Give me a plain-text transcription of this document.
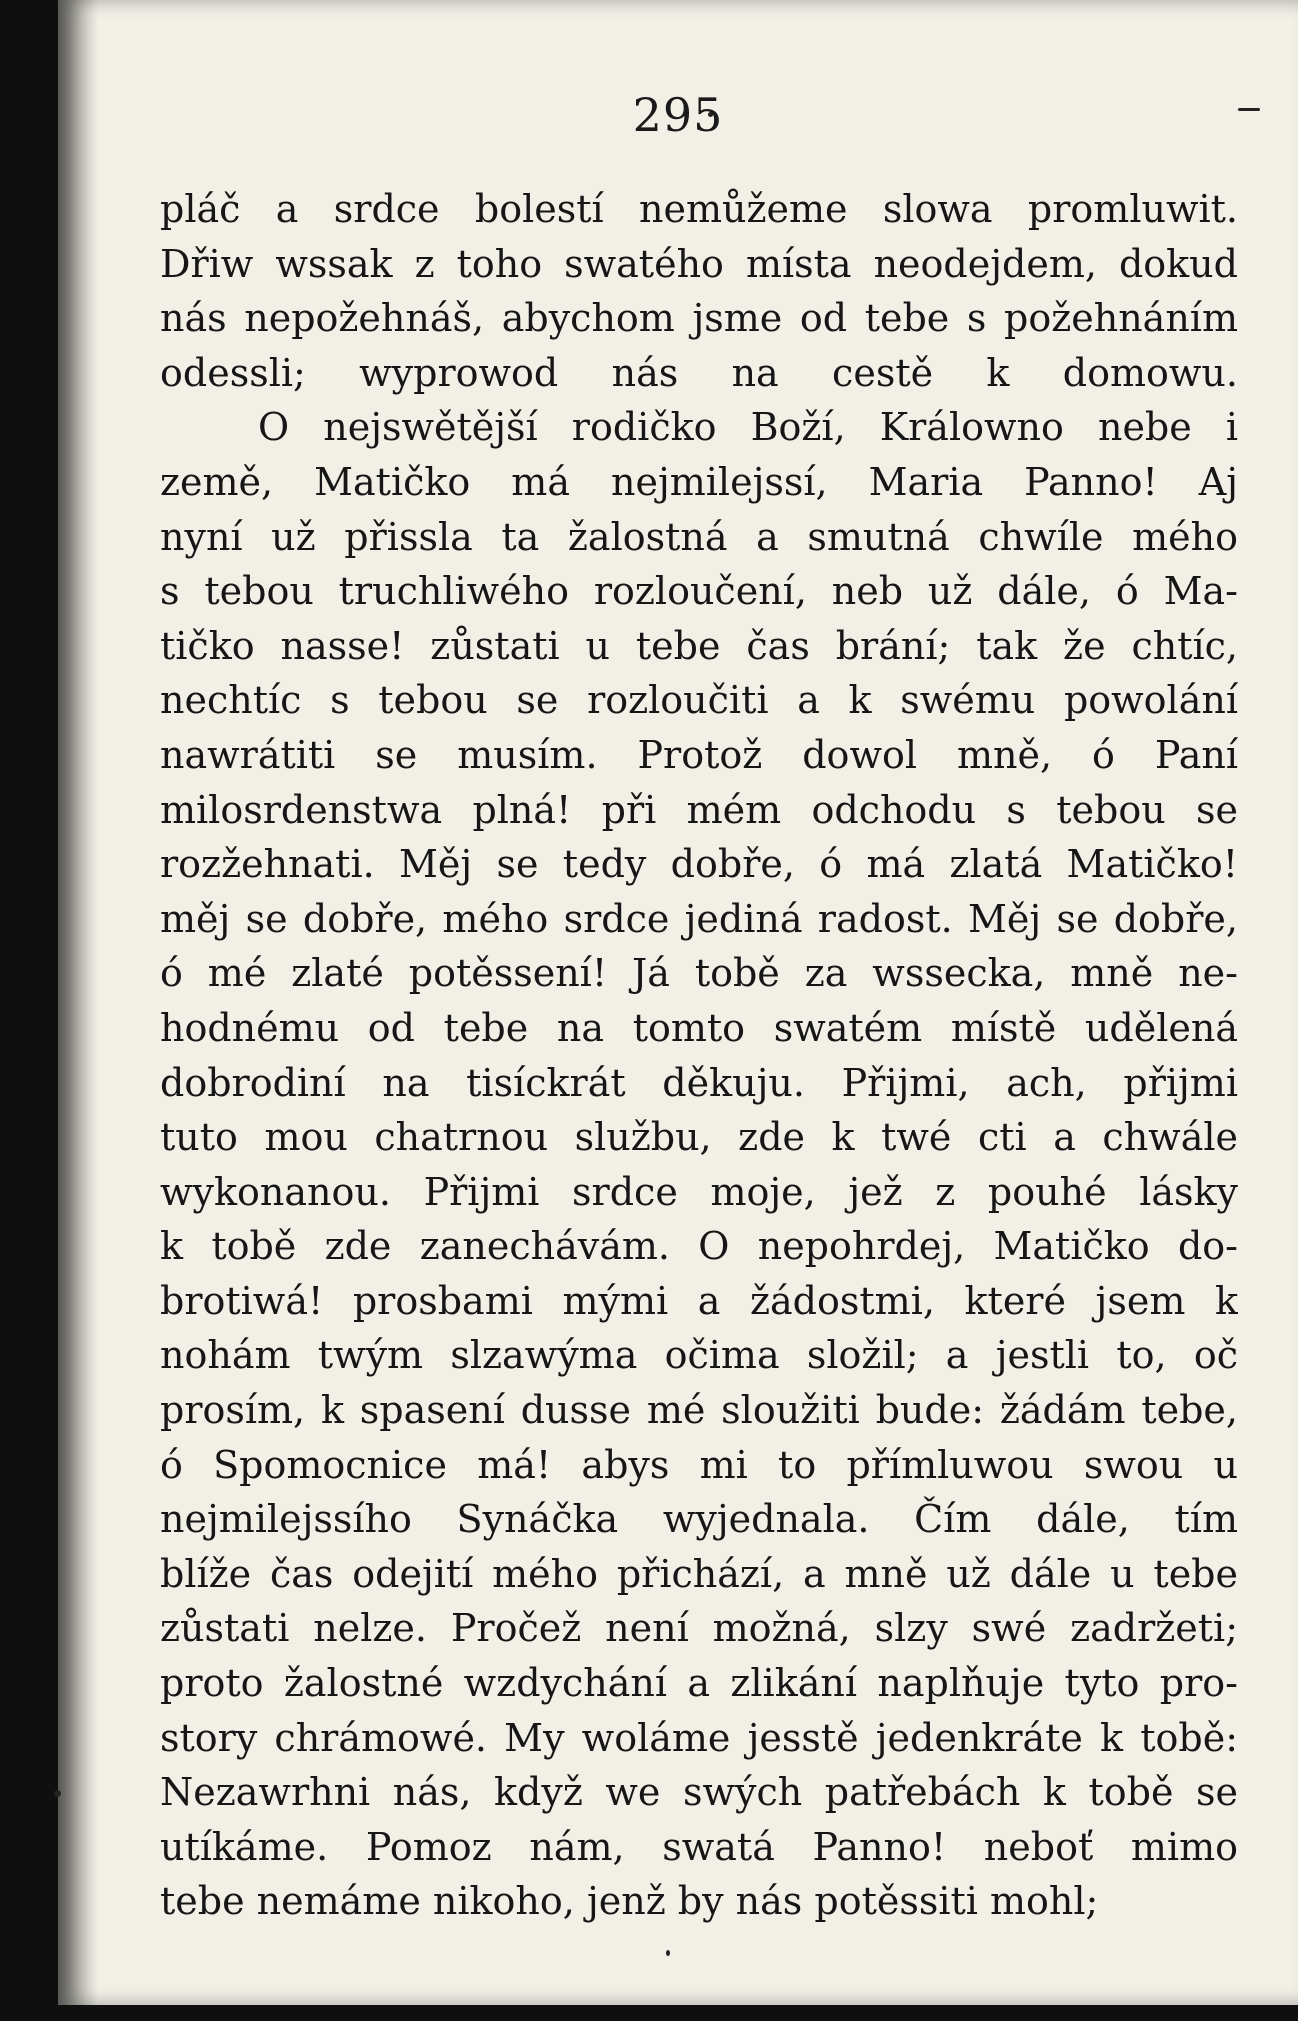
295
pláč a srdce bolestí nemůžeme slowa promluwit.
Dřiw wssak z toho swatého místa neodejdem, dokud
nás nepožehnáš, abychom jsme od tebe s požehnáním
odessli; wyprowod nás na cestě k domowu.
O nejswětější rodičko Boží, Králowno nebe i
země, Matičko má nejmilejssí, Maria Panno! Aj
nyní už přissla ta žalostná a smutná chwíle mého
s tebou truchliwého rozloučení, neb už dále, ó Ma-
tičko nasse! zůstati u tebe čas brání; tak že chtíc,
nechtíc s tebou se rozloučiti a k swému powolání
nawrátiti se musím. Protož dowol mně, ó Paní
milosrdenstwa plná! při mém odchodu s tebou se
rozžehnati. Měj se tedy dobře, ó má zlatá Matičko!
měj se dobře, mého srdce jediná radost. Měj se dobře,
ó mé zlaté potěssení! Já tobě za wssecka, mně ne-
hodnému od tebe na tomto swatém místě udělená
dobrodiní na tisíckrát děkuju. Přijmi, ach, přijmi
tuto mou chatrnou službu, zde k twé cti a chwále
wykonanou. Přijmi srdce moje, jež z pouhé lásky
k tobě zde zanechávám. O nepohrdej, Matičko do-
brotiwá! prosbami mými a žádostmi, které jsem k
nohám twým slzawýma očima složil; a jestli to, oč
prosím, k spasení dusse mé sloužiti bude: žádám tebe,
ó Spomocnice má! abys mi to přímluwou swou u
nejmilejssího Synáčka wyjednala. Čím dále, tím
blíže čas odejití mého přichází, a mně už dále u tebe
zůstati nelze. Pročež není možná, slzy swé zadržeti;
proto žalostné wzdychání a zlikání naplňuje tyto pro-
story chrámowé. My woláme jesstě jedenkráte k tobě:
Nezawrhni nás, když we swých patřebách k tobě se
utíkáme. Pomoz nám, swatá Panno! neboť mimo
tebe nemáme nikoho, jenž by nás potěssiti mohl;
